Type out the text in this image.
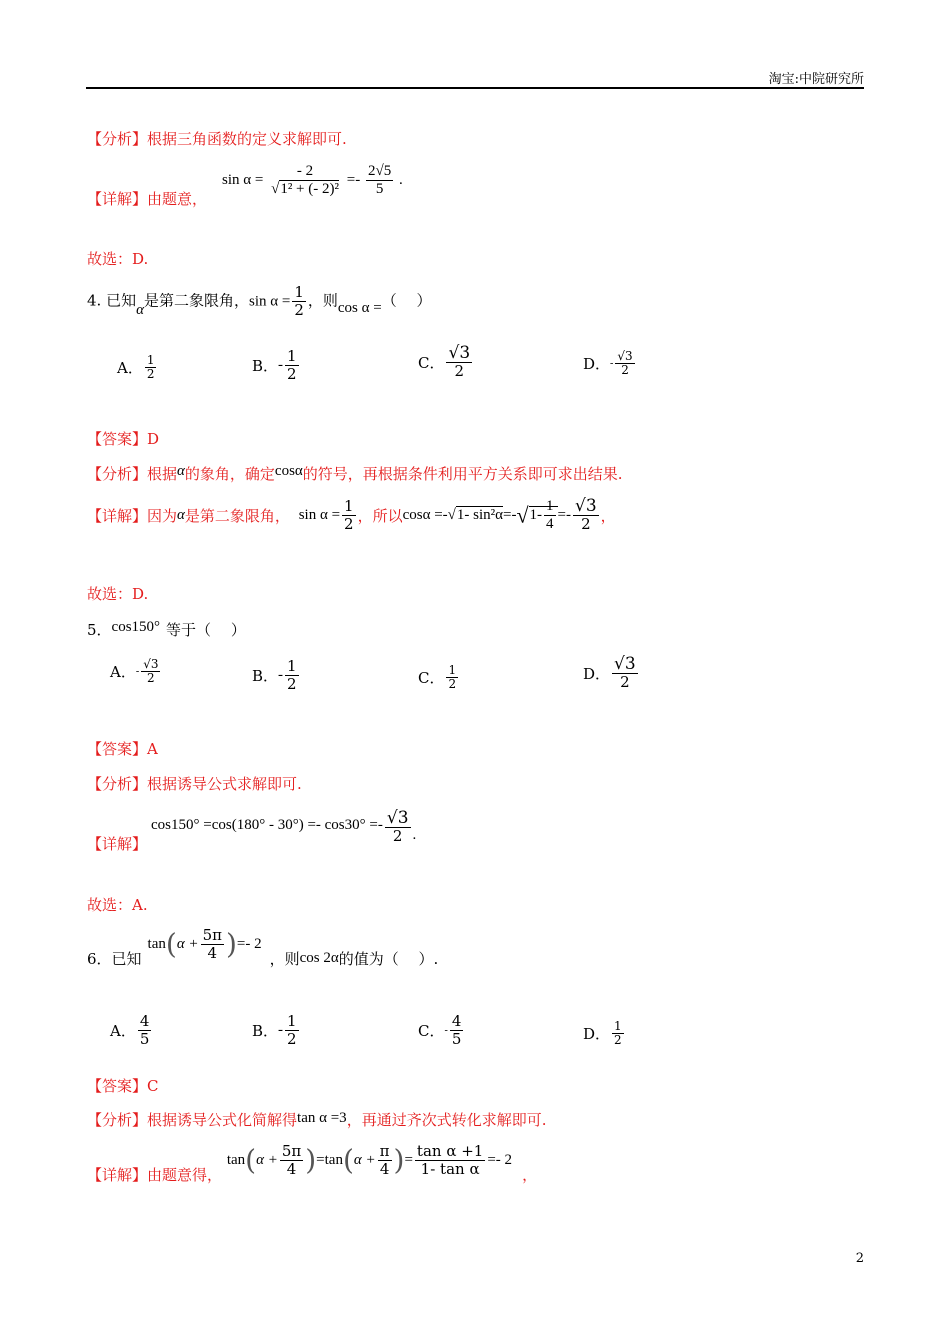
淘宝:中院研究所
【分析】根据三角函数的定义求解即可.
【详解】由题意，
$\sin \alpha = \frac{- 2}{\text{√1² + (- 2)²}} =- \frac{2√5}{5}$ .
故选：D.
4. 已知α是第二象限角，$\sin \alpha = \frac{1}{2}$ ，则cos α =（　 ）
A． $\frac{1}{2}$	B．- $\frac{1}{2}$	C． $\frac{√3}{2}$	D．- $\frac{√3}{2}$
【答案】D
【分析】根据α的象角，确定cosα的符号，再根据条件利用平方关系即可求出结果.
【详解】因为α是第二象限角， $\sin \alpha = \frac{1}{2}$ ，所以cosα =-√1- $\sin^2\alpha=-√1- \frac{1}{4} =- \frac{√3}{2}$ ，
故选：D.
5．cos150° 等于（　 ）
A．- $\frac{√3}{2}$	B．- $\frac{1}{2}$	C． $\frac{1}{2}$	D． $\frac{√3}{2}$
【答案】A
【分析】根据诱导公式求解即可.
【详解】$\cos 150^\circ =\cos(180^\circ - 30^\circ) =- \cos 30^\circ =- \frac{√3}{2}$ .
故选：A.
6．已知$\tan(\alpha + \frac{5\pi}{4}$ )=- 2，则cos 2α的值为（　 ）.
A． $\frac{4}{5}$	B．- $\frac{1}{2}$	C．- $\frac{4}{5}$	D． $\frac{1}{2}$
【答案】C
【分析】根据诱导公式化简解得tan α =3，再通过齐次式转化求解即可.
【详解】由题意得， $\tan(\alpha + \frac{5\pi}{4} )=\tan(\alpha + \frac{\pi}{4}$ )= $\frac{\text{tan α +1}}{\text{1- tan α}} =- 2$，
2
